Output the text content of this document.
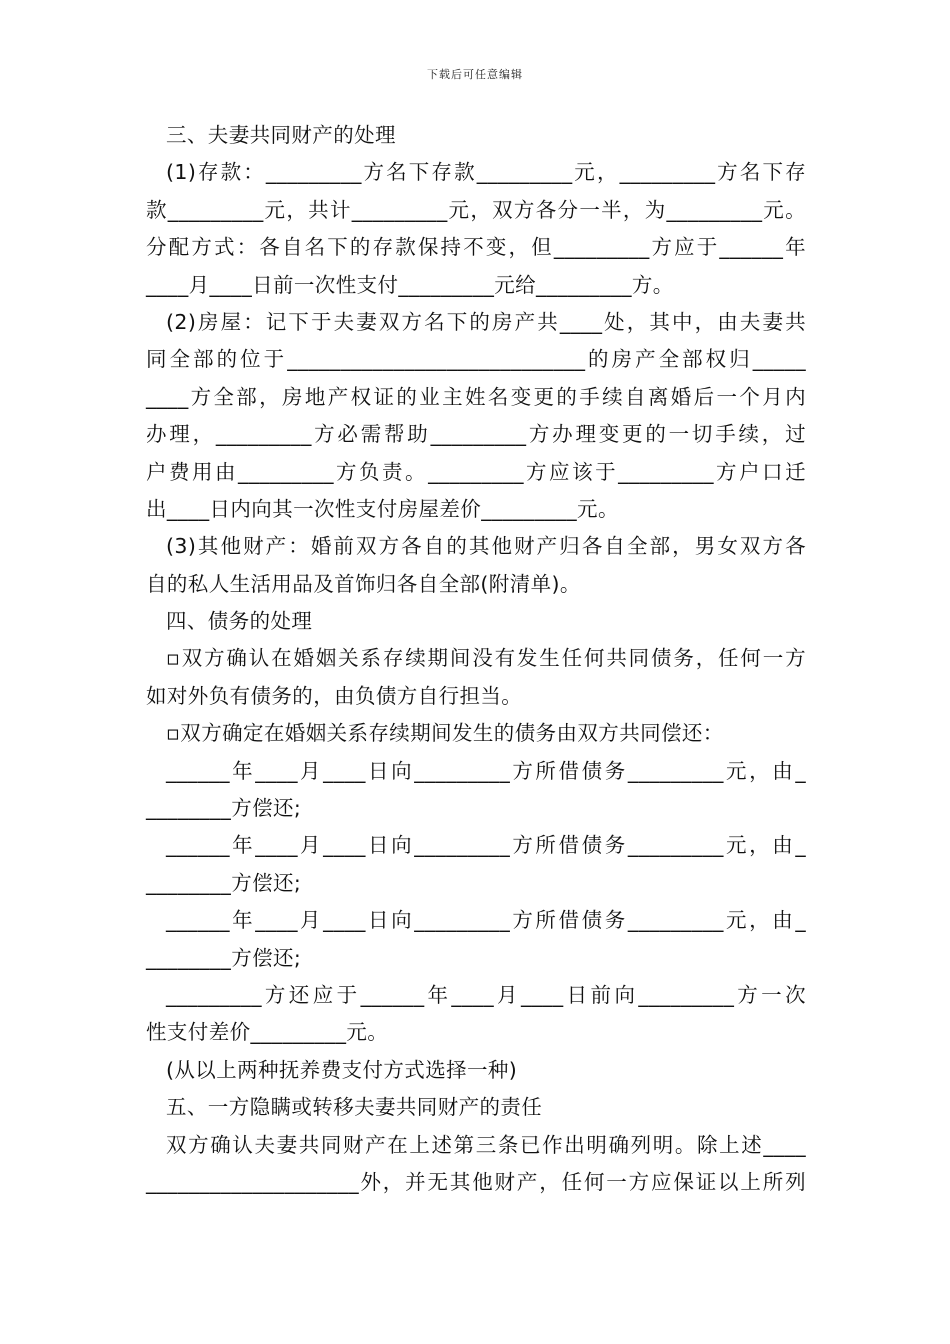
下载后可任意编辑
三、夫妻共同财产的处理
(1)存款：_________方名下存款_________元，_________方名下存
款_________元，共计_________元，双方各分一半，为_________元。
分配方式：各自名下的存款保持不变，但_________方应于______年
____月____日前一次性支付_________元给_________方。
(2)房屋：记下于夫妻双方名下的房产共____处，其中，由夫妻共
同全部的位于____________________________的房产全部权归_____
____方全部，房地产权证的业主姓名变更的手续自离婚后一个月内
办理，_________方必需帮助_________方办理变更的一切手续，过
户费用由_________方负责。_________方应该于_________方户口迁
出____日内向其一次性支付房屋差价_________元。
(3)其他财产：婚前双方各自的其他财产归各自全部，男女双方各
自的私人生活用品及首饰归各自全部(附清单)。
四、债务的处理
▫双方确认在婚姻关系存续期间没有发生任何共同债务，任何一方
如对外负有债务的，由负债方自行担当。
▫双方确定在婚姻关系存续期间发生的债务由双方共同偿还：
______年____月____日向_________方所借债务_________元，由_
________方偿还;
______年____月____日向_________方所借债务_________元，由_
________方偿还;
______年____月____日向_________方所借债务_________元，由_
________方偿还;
_________方还应于______年____月____日前向_________方一次
性支付差价_________元。
(从以上两种抚养费支付方式选择一种)
五、一方隐瞒或转移夫妻共同财产的责任
双方确认夫妻共同财产在上述第三条已作出明确列明。除上述____
____________________外，并无其他财产，任何一方应保证以上所列
